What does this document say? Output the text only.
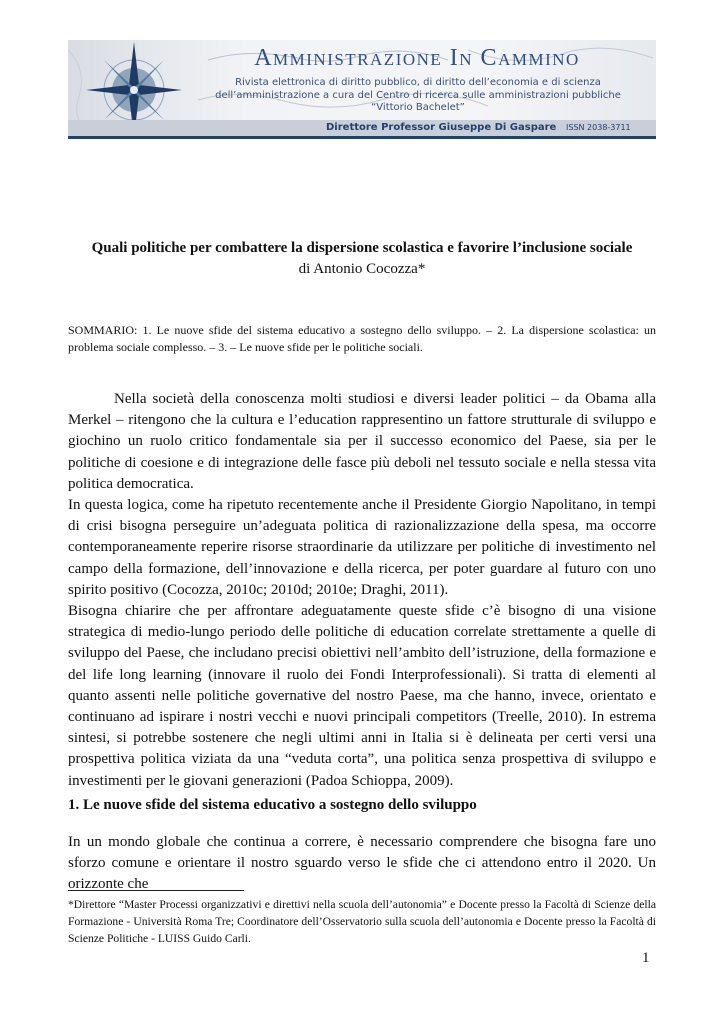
Amministrazione In Cammino
Rivista elettronica di diritto pubblico, di diritto dell’economia e di scienza
dell’amministrazione a cura del Centro di ricerca sulle amministrazioni pubbliche
“Vittorio Bachelet”
Direttore Professor Giuseppe Di Gaspare ISSN 2038-3711
Quali politiche per combattere la dispersione scolastica e favorire l’inclusione sociale
di Antonio Cocozza*
SOMMARIO: 1. Le nuove sfide del sistema educativo a sostegno dello sviluppo. – 2. La dispersione scolastica: un problema sociale complesso. – 3. – Le nuove sfide per le politiche sociali.

Nella società della conoscenza molti studiosi e diversi leader politici – da Obama alla Merkel – ritengono che la cultura e l’education rappresentino un fattore strutturale di sviluppo e giochino un ruolo critico fondamentale sia per il successo economico del Paese, sia per le politiche di coesione e di integrazione delle fasce più deboli nel tessuto sociale e nella stessa vita politica democratica.

In questa logica, come ha ripetuto recentemente anche il Presidente Giorgio Napolitano, in tempi di crisi bisogna perseguire un’adeguata politica di razionalizzazione della spesa, ma occorre contemporaneamente reperire risorse straordinarie da utilizzare per politiche di investimento nel campo della formazione, dell’innovazione e della ricerca, per poter guardare al futuro con uno spirito positivo (Cocozza, 2010c; 2010d; 2010e; Draghi, 2011).

Bisogna chiarire che per affrontare adeguatamente queste sfide c’è bisogno di una visione strategica di medio-lungo periodo delle politiche di education correlate strettamente a quelle di sviluppo del Paese, che includano precisi obiettivi nell’ambito dell’istruzione, della formazione e del life long learning (innovare il ruolo dei Fondi Interprofessionali). Si tratta di elementi al quanto assenti nelle politiche governative del nostro Paese, ma che hanno, invece, orientato e continuano ad ispirare i nostri vecchi e nuovi principali competitors (Treelle, 2010). In estrema sintesi, si potrebbe sostenere che negli ultimi anni in Italia si è delineata per certi versi una prospettiva politica viziata da una “veduta corta”, una politica senza prospettiva di sviluppo e investimenti per le giovani generazioni (Padoa Schioppa, 2009).

1. Le nuove sfide del sistema educativo a sostegno dello sviluppo
In un mondo globale che continua a correre, è necessario comprendere che bisogna fare uno sforzo comune e orientare il nostro sguardo verso le sfide che ci attendono entro il 2020. Un orizzonte che
*Direttore “Master Processi organizzativi e direttivi nella scuola dell’autonomia” e Docente presso la Facoltà di Scienze della Formazione - Università Roma Tre; Coordinatore dell’Osservatorio sulla scuola dell’autonomia e Docente presso la Facoltà di Scienze Politiche - LUISS Guido Carli.
1
